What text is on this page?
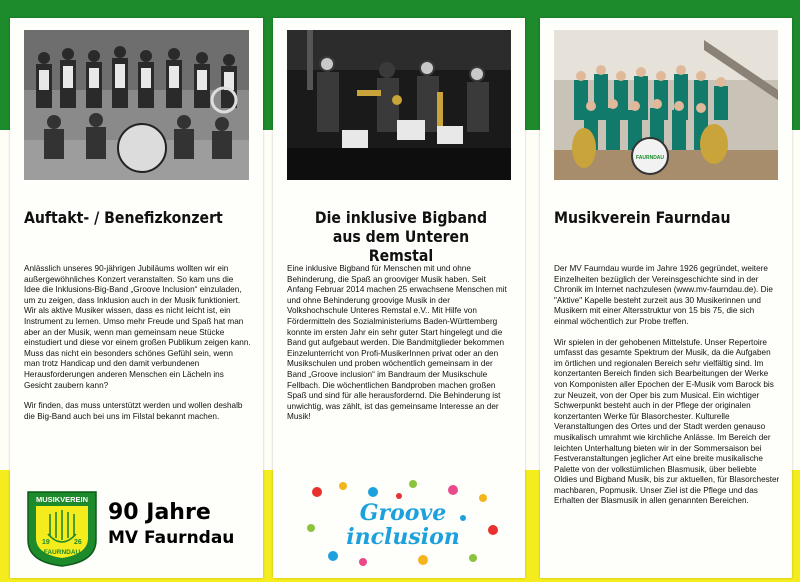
Auftakt- / Benefizkonzert

Anlässlich unseres 90-jährigen Jubiläums wollten wir ein außergewöhnliches Konzert veranstalten. So kam uns die Idee die Inklusions-Big-Band „Groove Inclusion“ einzuladen, um zu zeigen, dass Inklusion auch in der Musik funktioniert. Wir als aktive Musiker wissen, dass es nicht leicht ist, ein Instrument zu lernen. Umso mehr Freude und Spaß hat man aber an der Musik, wenn man gemeinsam neue Stücke einstudiert und diese vor einem großen Publikum zeigen kann. Muss das nicht ein besonders schönes Gefühl sein, wenn man trotz Handicap und den damit verbundenen Herausforderungen anderen Menschen ein Lächeln ins Gesicht zaubern kann?

Wir finden, das muss unterstützt werden und wollen deshalb die Big-Band auch bei uns im Filstal bekannt machen.

MUSIKVEREIN
19	26
FAURNDAU
90 Jahre
MV Faurndau
Die inklusive Bigband
aus dem Unteren Remstal

Eine inklusive Bigband für Menschen mit und ohne Behinderung, die Spaß an grooviger Musik haben. Seit Anfang Februar 2014 machen 25 erwachsene Menschen mit und ohne Behinderung groovige Musik in der Volkshochschule Unteres Remstal e.V.. Mit Hilfe von Fördermitteln des Sozialministeriums Baden-Württemberg konnte im ersten Jahr ein sehr guter Start hingelegt und die Band gut aufgebaut werden. Die Bandmitglieder bekommen Einzelunterricht von Profi-MusikerInnen privat oder an den Musikschulen und proben wöchentlich gemeinsam in der Band „Groove inclusion“ im Bandraum der Musikschule Fellbach. Die wöchentlichen Bandproben machen großen Spaß und sind für alle herausfordernd. Die Behinderung ist unwichtig, was zählt, ist das gemeinsame Interesse an der Musik!

Groove
inclusion
FAURNDAU
Musikverein Faurndau

Der MV Faurndau wurde im Jahre 1926 gegründet, weitere Einzelheiten bezüglich der Vereinsgeschichte sind in der Chronik im Internet nachzulesen (www.mv-faurndau.de). Die "Aktive" Kapelle besteht zurzeit aus 30 Musikerinnen und Musikern mit einer Altersstruktur von 15 bis 75, die sich einmal wöchentlich zur Probe treffen.

Wir spielen in der gehobenen Mittelstufe. Unser Repertoire umfasst das gesamte Spektrum der Musik, da die Aufgaben im örtlichen und regionalen Bereich sehr vielfältig sind. Im konzertanten Bereich finden sich Bearbeitungen der Werke von Komponisten aller Epochen der E-Musik vom Barock bis zur Neuzeit, von der Oper bis zum Musical. Ein wichtiger Schwerpunkt besteht auch in der Pflege der originalen konzertanten Werke für Blasorchester. Kulturelle Veranstaltungen des Ortes und der Stadt werden genauso musikalisch umrahmt wie kirchliche Anlässe. Im Bereich der leichten Unterhaltung bieten wir in der Sommersaison bei Festveranstaltungen jeglicher Art eine breite musikalische Palette von der volkstümlichen Blasmusik, über beliebte Oldies und Bigband Musik, bis zur aktuellen, für Blasorchester machbaren, Popmusik. Unser Ziel ist die Pflege und das Erhalten der Blasmusik in allen genannten Bereichen.
